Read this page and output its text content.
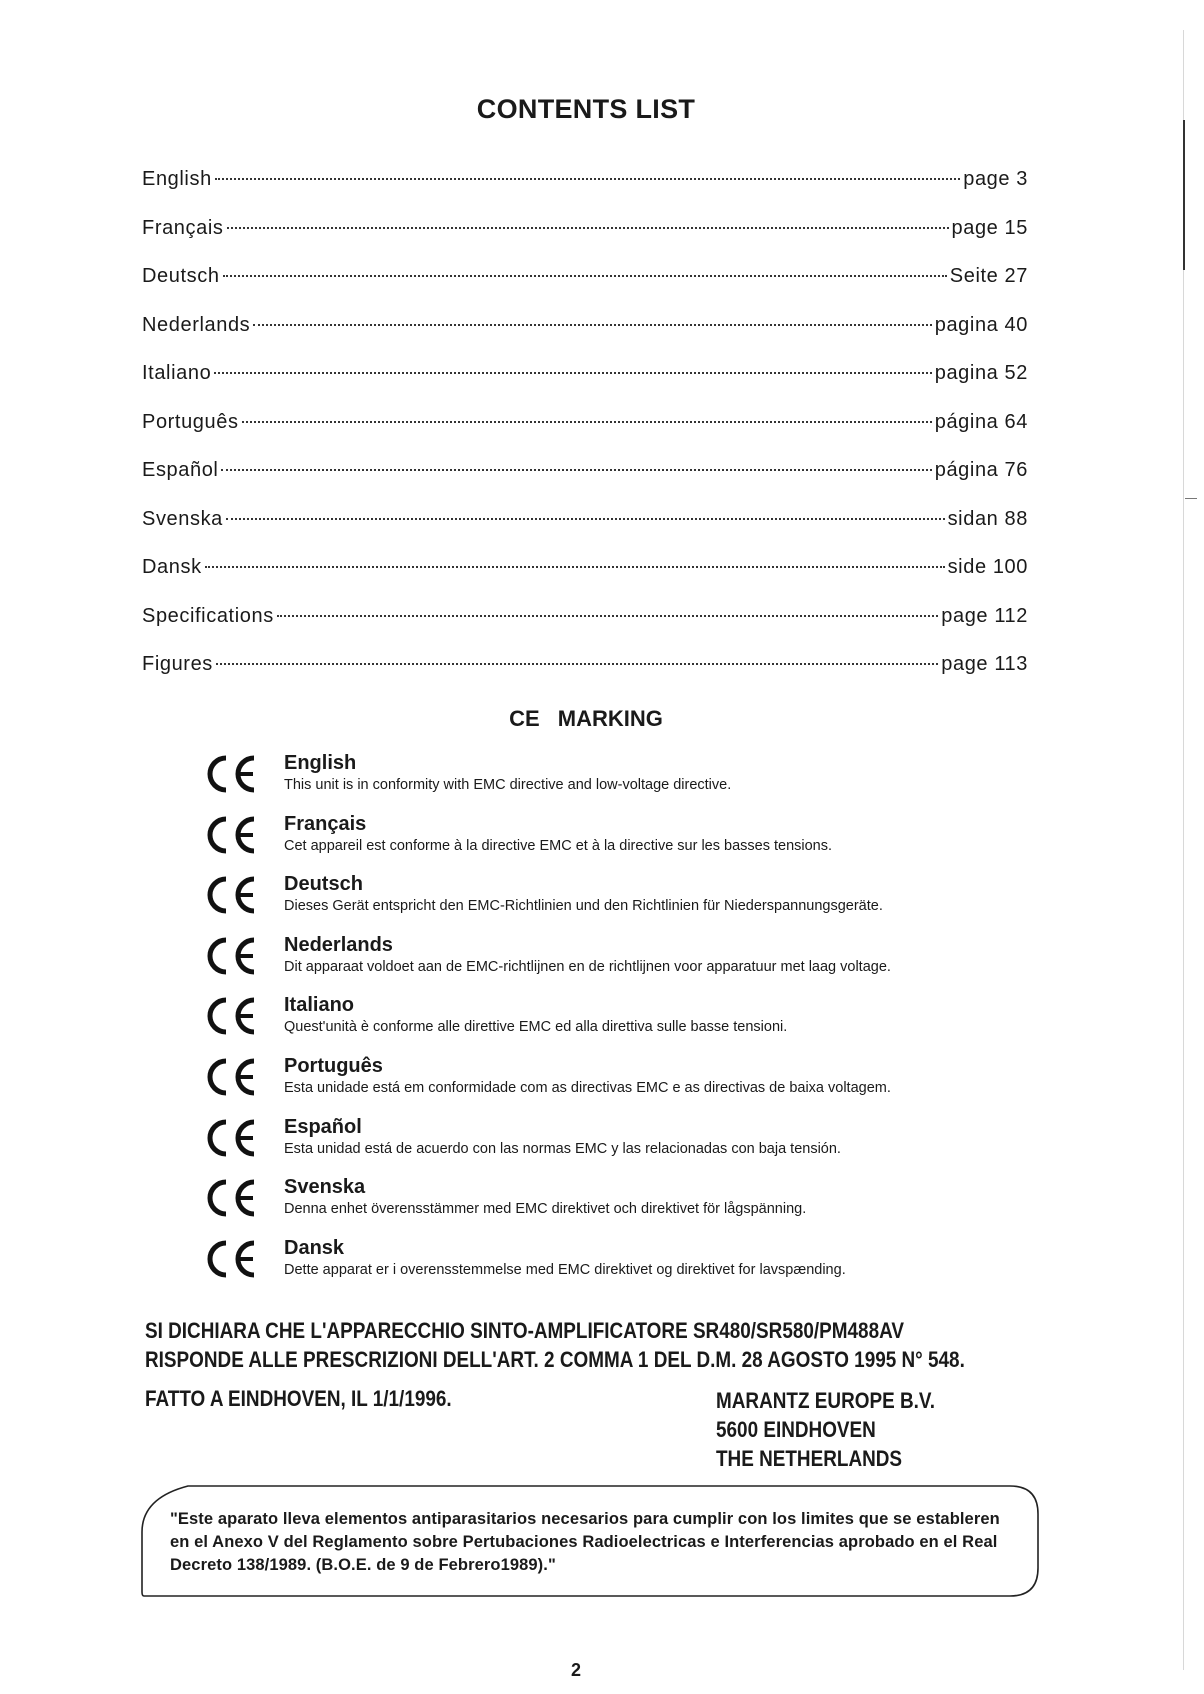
CONTENTS LIST
English	page 3
Français	page 15
Deutsch	Seite 27
Nederlands	pagina 40
Italiano	pagina 52
Português	página 64
Español	página 76
Svenska	sidan 88
Dansk	side 100
Specifications	page 112
Figures	page 113
CE MARKING
English
This unit is in conformity with EMC directive and low-voltage directive.
Français
Cet appareil est conforme à la directive EMC et à la directive sur les basses tensions.
Deutsch
Dieses Gerät entspricht den EMC-Richtlinien und den Richtlinien für Niederspannungsgeräte.
Nederlands
Dit apparaat voldoet aan de EMC-richtlijnen en de richtlijnen voor apparatuur met laag voltage.
Italiano
Quest'unità è conforme alle direttive EMC ed alla direttiva sulle basse tensioni.
Português
Esta unidade está em conformidade com as directivas EMC e as directivas de baixa voltagem.
Español
Esta unidad está de acuerdo con las normas EMC y las relacionadas con baja tensión.
Svenska
Denna enhet överensstämmer med EMC direktivet och direktivet för lågspänning.
Dansk
Dette apparat er i overensstemmelse med EMC direktivet og direktivet for lavspænding.
SI DICHIARA CHE L'APPARECCHIO SINTO-AMPLIFICATORE SR480/SR580/PM488AV
RISPONDE ALLE PRESCRIZIONI DELL'ART. 2 COMMA 1 DEL D.M. 28 AGOSTO 1995 N° 548.
FATTO A EINDHOVEN, IL 1/1/1996.	MARANTZ EUROPE B.V.
5600 EINDHOVEN
THE NETHERLANDS
"Este aparato lleva elementos antiparasitarios necesarios para cumplir con los limites que se estableren en el Anexo V del Reglamento sobre Pertubaciones Radioelectricas e Interferencias aprobado en el Real Decreto 138/1989. (B.O.E. de 9 de Febrero1989)."
2
